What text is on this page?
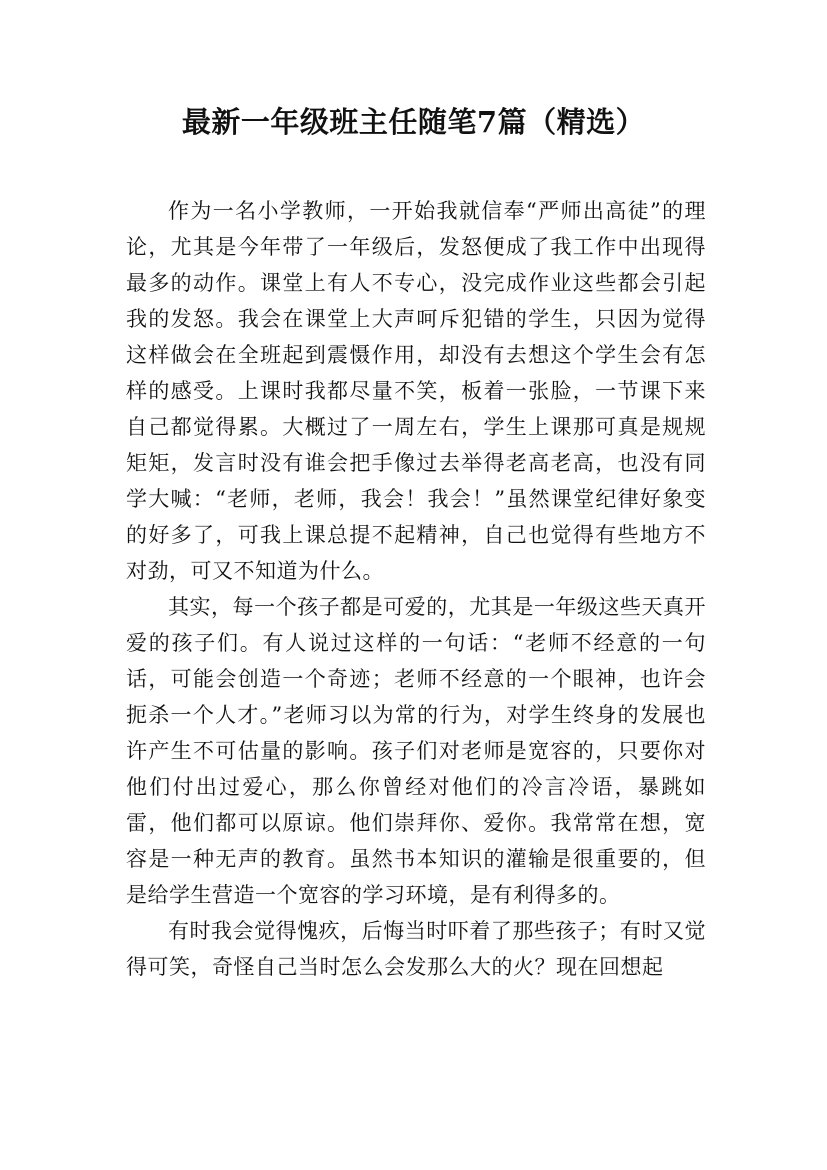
最新一年级班主任随笔7篇（精选）

作为一名小学教师，一开始我就信奉“严师出高徒”的理论，尤其是今年带了一年级后，发怒便成了我工作中出现得最多的动作。课堂上有人不专心，没完成作业这些都会引起我的发怒。我会在课堂上大声呵斥犯错的学生，只因为觉得这样做会在全班起到震慑作用，却没有去想这个学生会有怎样的感受。上课时我都尽量不笑，板着一张脸，一节课下来自己都觉得累。大概过了一周左右，学生上课那可真是规规矩矩，发言时没有谁会把手像过去举得老高老高，也没有同学大喊：“老师，老师，我会！我会！”虽然课堂纪律好象变的好多了，可我上课总提不起精神，自己也觉得有些地方不对劲，可又不知道为什么。

其实，每一个孩子都是可爱的，尤其是一年级这些天真开爱的孩子们。有人说过这样的一句话：“老师不经意的一句话，可能会创造一个奇迹；老师不经意的一个眼神，也许会扼杀一个人才。”老师习以为常的行为，对学生终身的发展也许产生不可估量的影响。孩子们对老师是宽容的，只要你对他们付出过爱心，那么你曾经对他们的冷言冷语，暴跳如雷，他们都可以原谅。他们崇拜你、爱你。我常常在想，宽容是一种无声的教育。虽然书本知识的灌输是很重要的，但是给学生营造一个宽容的学习环境，是有利得多的。

有时我会觉得愧疚，后悔当时吓着了那些孩子；有时又觉得可笑，奇怪自己当时怎么会发那么大的火？现在回想起
